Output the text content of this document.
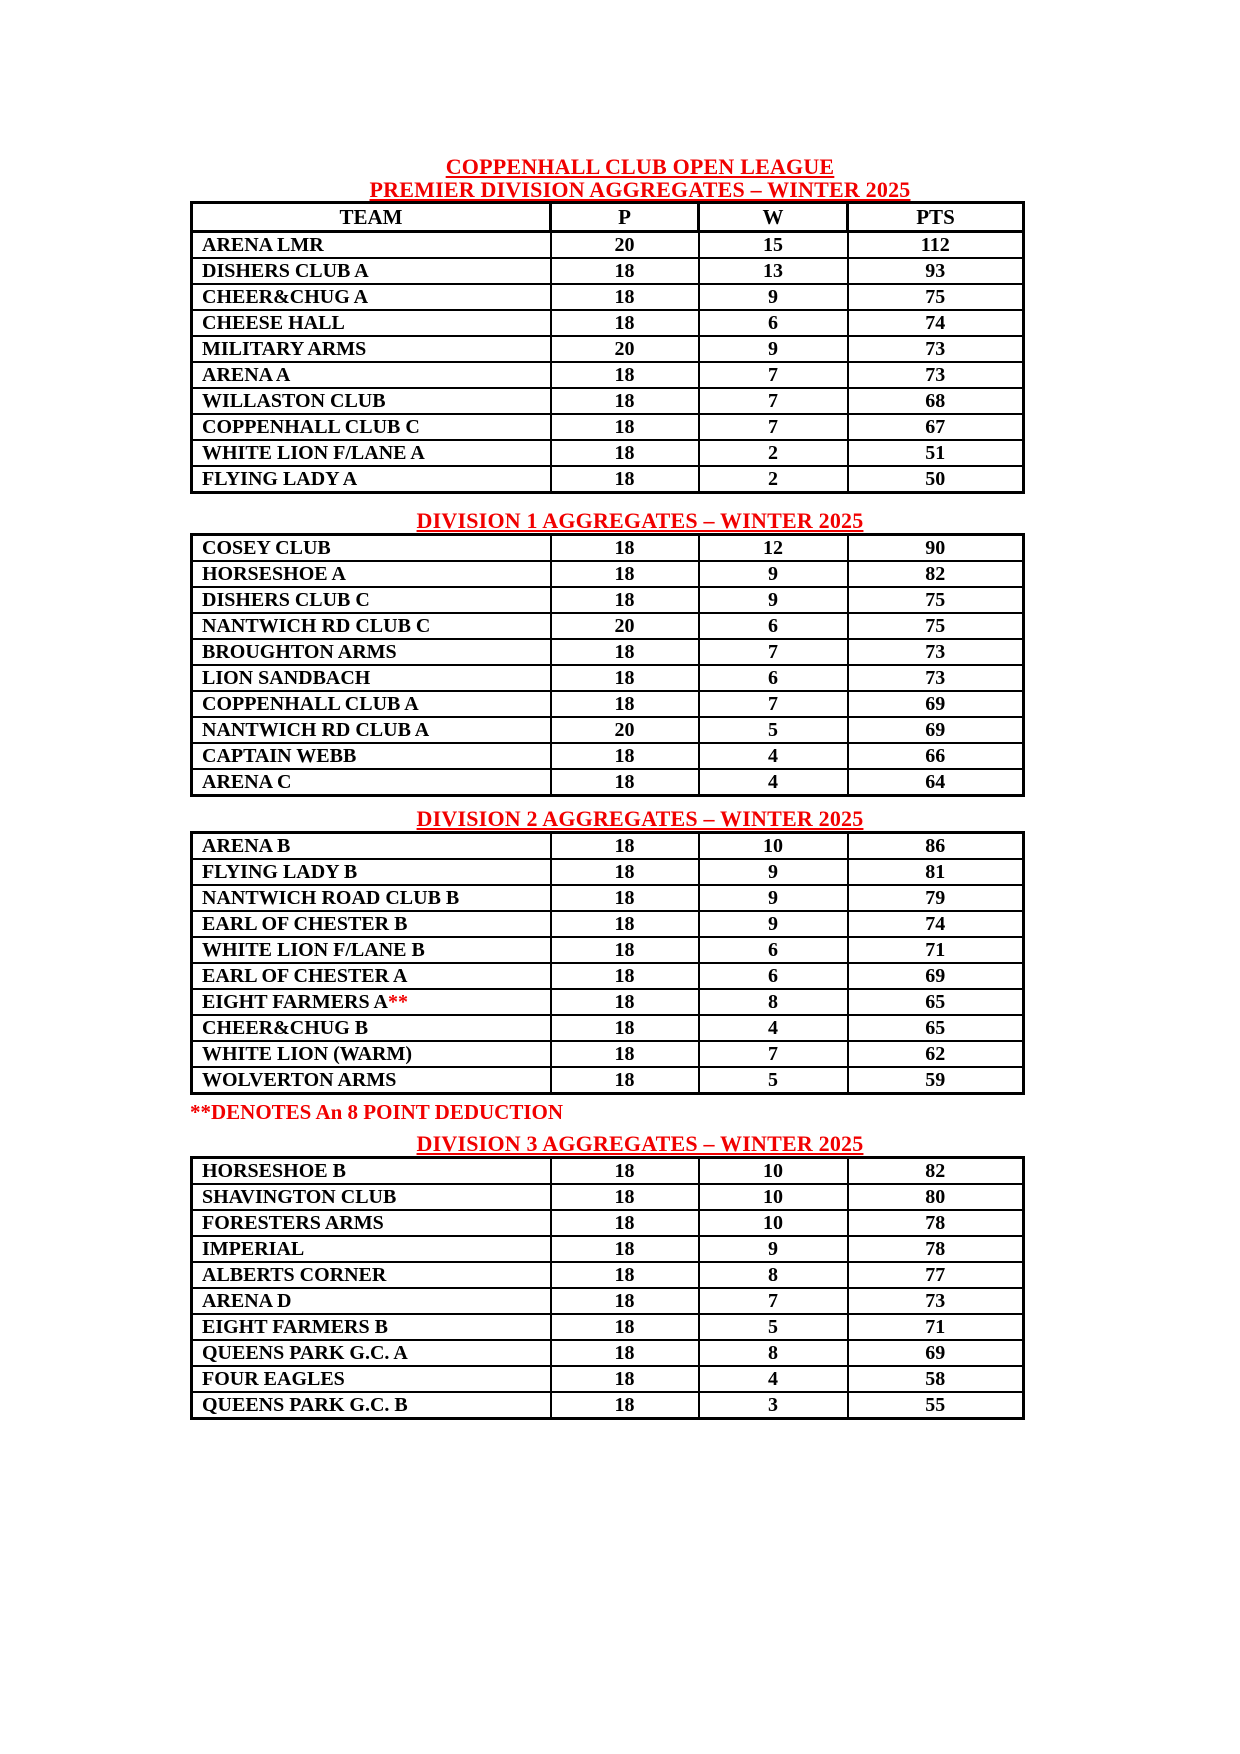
COPPENHALL CLUB OPEN LEAGUE
PREMIER DIVISION AGGREGATES – WINTER 2025
TEAM	P	W	PTS
ARENA LMR	20	15	112
DISHERS CLUB A	18	13	93
CHEER&CHUG A	18	9	75
CHEESE HALL	18	6	74
MILITARY ARMS	20	9	73
ARENA A	18	7	73
WILLASTON CLUB	18	7	68
COPPENHALL CLUB C	18	7	67
WHITE LION F/LANE A	18	2	51
FLYING LADY A	18	2	50
DIVISION 1 AGGREGATES – WINTER 2025
COSEY CLUB	18	12	90
HORSESHOE A	18	9	82
DISHERS CLUB C	18	9	75
NANTWICH RD CLUB C	20	6	75
BROUGHTON ARMS	18	7	73
LION SANDBACH	18	6	73
COPPENHALL CLUB A	18	7	69
NANTWICH RD CLUB A	20	5	69
CAPTAIN WEBB	18	4	66
ARENA C	18	4	64
DIVISION 2 AGGREGATES – WINTER 2025
ARENA B	18	10	86
FLYING LADY B	18	9	81
NANTWICH ROAD CLUB B	18	9	79
EARL OF CHESTER B	18	9	74
WHITE LION F/LANE B	18	6	71
EARL OF CHESTER A	18	6	69
EIGHT FARMERS A**	18	8	65
CHEER&CHUG B	18	4	65
WHITE LION (WARM)	18	7	62
WOLVERTON ARMS	18	5	59
**DENOTES An 8 POINT DEDUCTION
DIVISION 3 AGGREGATES – WINTER 2025
HORSESHOE B	18	10	82
SHAVINGTON CLUB	18	10	80
FORESTERS ARMS	18	10	78
IMPERIAL	18	9	78
ALBERTS CORNER	18	8	77
ARENA D	18	7	73
EIGHT FARMERS B	18	5	71
QUEENS PARK G.C. A	18	8	69
FOUR EAGLES	18	4	58
QUEENS PARK G.C. B	18	3	55
